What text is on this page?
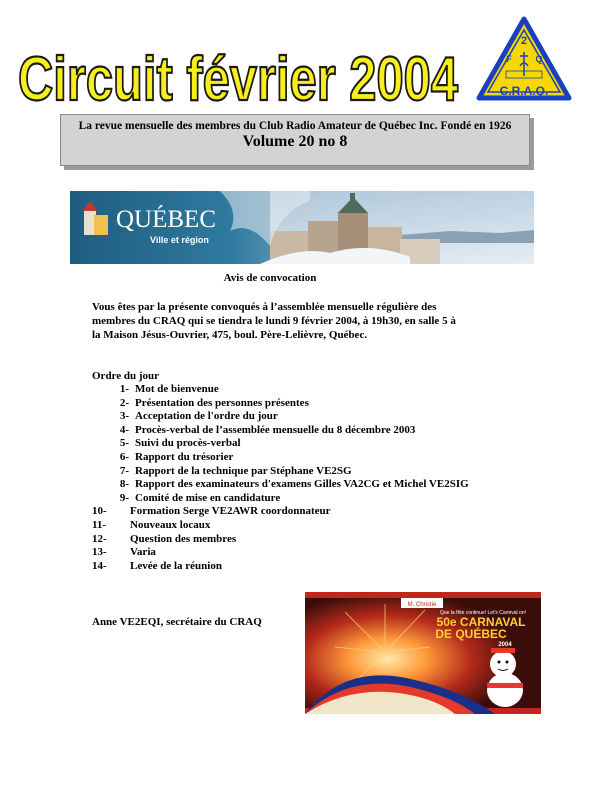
Circuit février 2004
2
F	Q
C.R.A.Q.
La revue mensuelle des membres du Club Radio Amateur de Québec Inc. Fondé en 1926
Volume 20 no 8
QUÉBEC
Ville et région
Avis de convocation
Vous êtes par la présente convoqués à l’assemblée mensuelle régulière des membres du CRAQ qui se tiendra le lundi 9 février 2004, à 19h30, en salle 5 à la Maison Jésus-Ouvrier, 475, boul. Père-Lelièvre, Québec.
Ordre du jour
1- Mot de bienvenue
2- Présentation des personnes présentes
3- Acceptation de l'ordre du jour
4- Procès-verbal de l’assemblée mensuelle du 8 décembre 2003
5- Suivi du procès-verbal
6- Rapport du trésorier
7- Rapport de la technique par Stéphane VE2SG
8- Rapport des examinateurs d'examens Gilles VA2CG et Michel VE2SIG
9- Comité de mise en candidature
10-	Formation Serge VE2AWR coordonnateur
11-	Nouveaux locaux
12-	Question des membres
13-	Varia
14-	Levée de la réunion
Anne VE2EQI, secrétaire du CRAQ
M. Christie
Que la fête continue! Let's Carnival on!
50e CARNAVAL
DE QUÉBEC
2004
